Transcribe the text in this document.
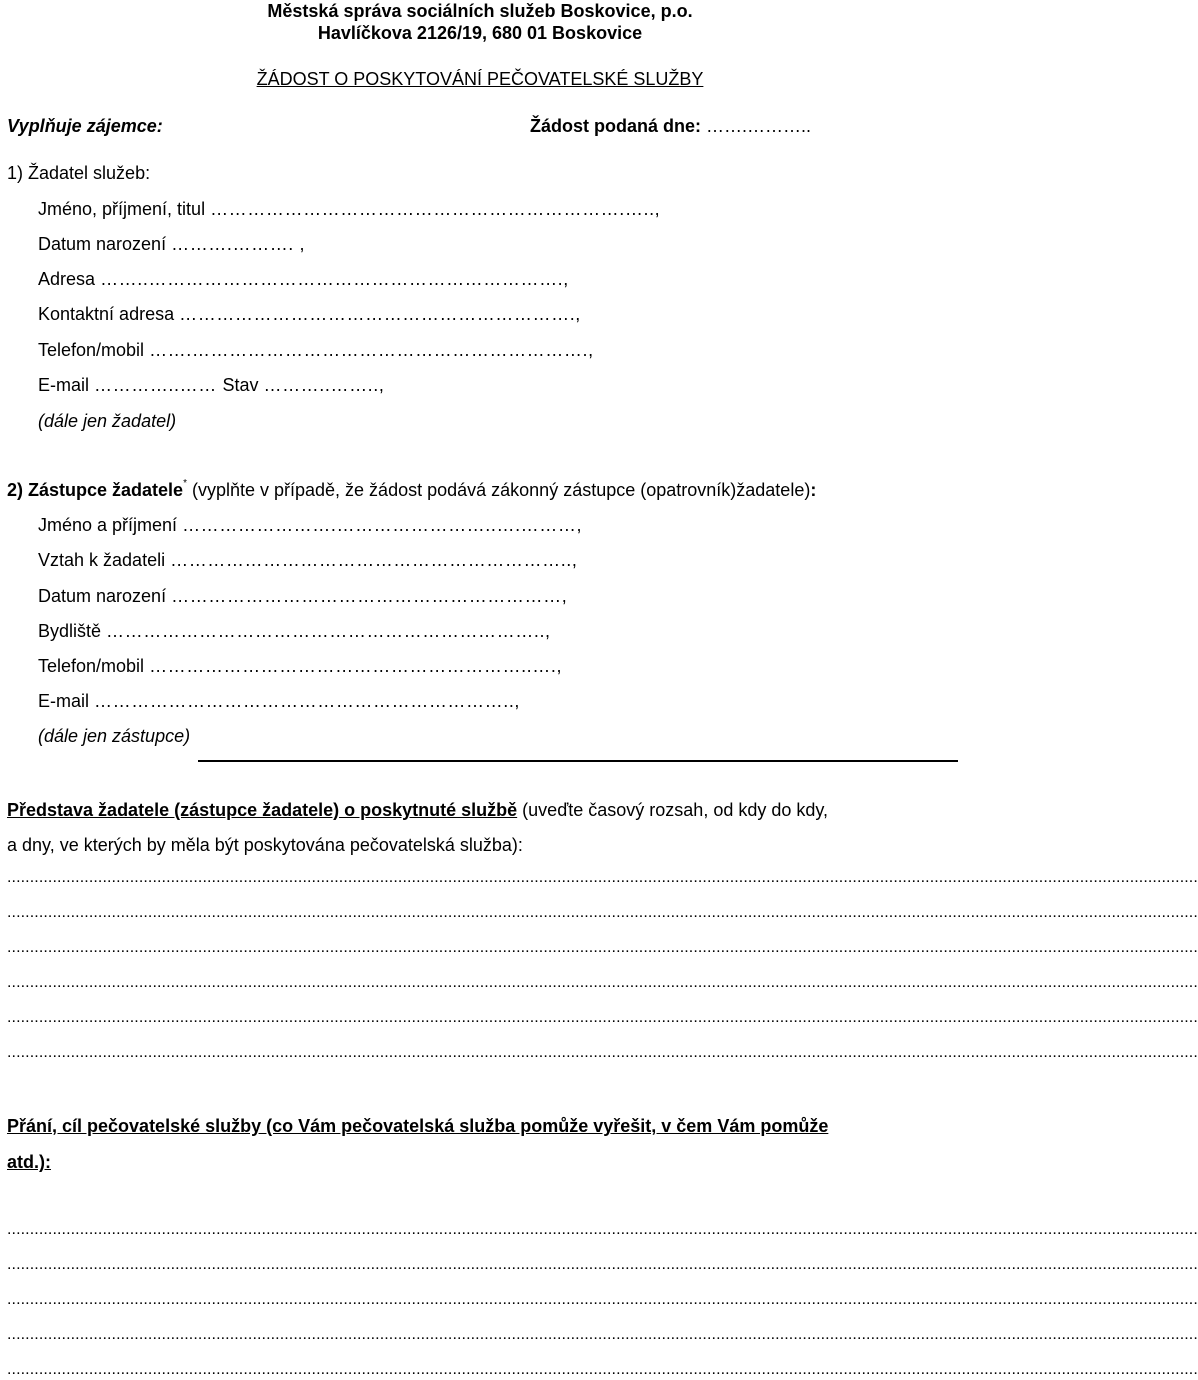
Městská správa sociálních služeb Boskovice, p.o.
Havlíčkova 2126/19, 680 01 Boskovice
ŽÁDOST O POSKYTOVÁNÍ PEČOVATELSKÉ SLUŽBY
Vyplňuje zájemce:	Žádost podaná dne: …….………..
1) Žadatel služeb:
Jméno, příjmení, titul ………………………………………………………….…..,
Datum narození ……….………. ,
Adresa ……..………………………………………………………….,
Kontaktní adresa ……………………………………………………….,
Telefon/mobil …….……………………………………………………….,
E-mail …………..…… Stav ………..……..,
(dále jen žadatel)
2) Zástupce žadatele* (vyplňte v případě, že žádost podává zákonný zástupce (opatrovník)žadatele):
Jméno a příjmení …………………….……………………..….………,
Vztah k žadateli ………………………………………………………..,
Datum narození ………………………………………………………,
Bydliště ……………………………………………………………..,
Telefon/mobil ……………………………………………………..….,
E-mail …………………………………………………………..,
(dále jen zástupce)
Představa žadatele (zástupce žadatele) o poskytnuté službě (uveďte časový rozsah, od kdy do kdy,
a dny, ve kterých by měla být poskytována pečovatelská služba):
......................................................................................................................................................................................................................................................................
......................................................................................................................................................................................................................................................................
......................................................................................................................................................................................................................................................................
......................................................................................................................................................................................................................................................................
......................................................................................................................................................................................................................................................................
......................................................................................................................................................................................................................................................................
Přání, cíl pečovatelské služby (co Vám pečovatelská služba pomůže vyřešit, v čem Vám pomůže
atd.):
......................................................................................................................................................................................................................................................................
......................................................................................................................................................................................................................................................................
......................................................................................................................................................................................................................................................................
......................................................................................................................................................................................................................................................................
......................................................................................................................................................................................................................................................................
